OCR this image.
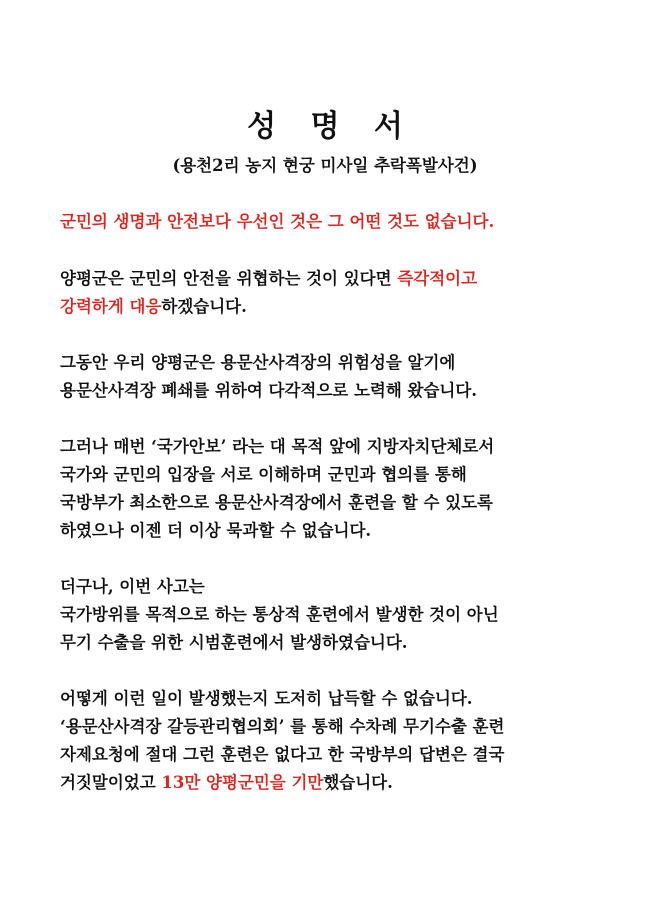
성 명 서
(용천2리 농지 현궁 미사일 추락폭발사건)
군민의 생명과 안전보다 우선인 것은 그 어떤 것도 없습니다.
양평군은 군민의 안전을 위협하는 것이 있다면 즉각적이고
강력하게 대응하겠습니다.
그동안 우리 양평군은 용문산사격장의 위험성을 알기에
용문산사격장 폐쇄를 위하여 다각적으로 노력해 왔습니다.
그러나 매번 ‘국가안보’ 라는 대 목적 앞에 지방자치단체로서
국가와 군민의 입장을 서로 이해하며 군민과 협의를 통해
국방부가 최소한으로 용문산사격장에서 훈련을 할 수 있도록
하였으나 이젠 더 이상 묵과할 수 없습니다.
더구나, 이번 사고는
국가방위를 목적으로 하는 통상적 훈련에서 발생한 것이 아닌
무기 수출을 위한 시범훈련에서 발생하였습니다.
어떻게 이런 일이 발생했는지 도저히 납득할 수 없습니다.
‘용문산사격장 갈등관리협의회’ 를 통해 수차례 무기수출 훈련
자제요청에 절대 그런 훈련은 없다고 한 국방부의 답변은 결국
거짓말이었고 13만 양평군민을 기만했습니다.
